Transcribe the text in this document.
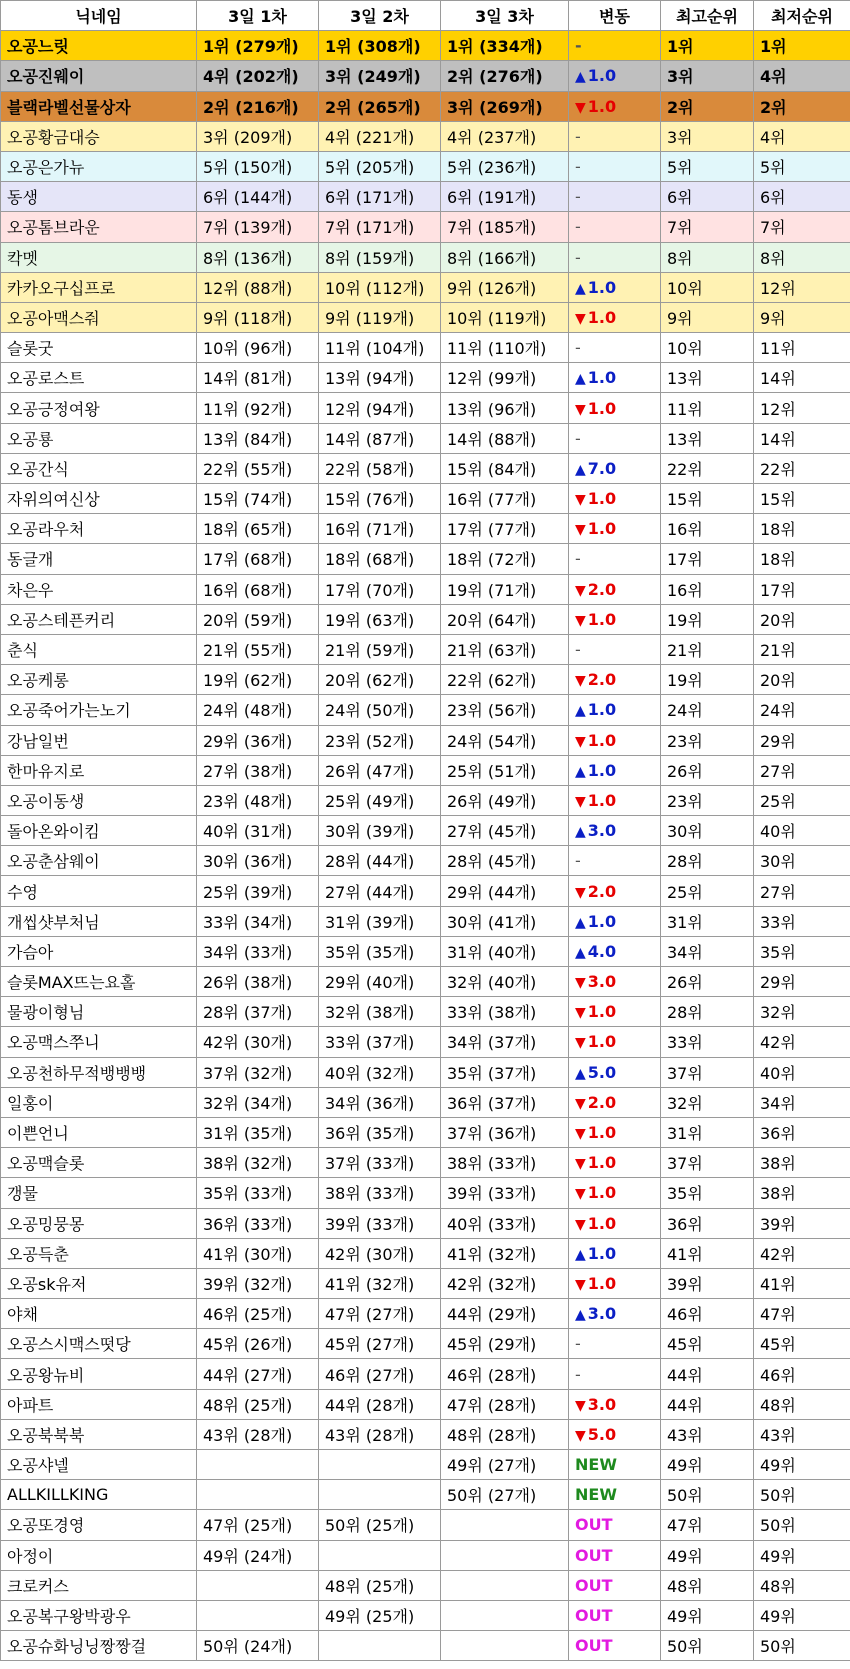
닉네임	3일 1차	3일 2차	3일 3차	변동	최고순위	최저순위
오공느릿	1위 (279개)	1위 (308개)	1위 (334개)	-	1위	1위
오공진웨이	4위 (202개)	3위 (249개)	2위 (276개)	▲ 1.0	3위	4위
블랙라벨선물상자	2위 (216개)	2위 (265개)	3위 (269개)	▼ 1.0	2위	2위
오공황금대승	3위 (209개)	4위 (221개)	4위 (237개)	-	3위	4위
오공은가뉴	5위 (150개)	5위 (205개)	5위 (236개)	-	5위	5위
동생	6위 (144개)	6위 (171개)	6위 (191개)	-	6위	6위
오공톰브라운	7위 (139개)	7위 (171개)	7위 (185개)	-	7위	7위
칵멧	8위 (136개)	8위 (159개)	8위 (166개)	-	8위	8위
카카오구십프로	12위 (88개)	10위 (112개)	9위 (126개)	▲ 1.0	10위	12위
오공아맥스줘	9위 (118개)	9위 (119개)	10위 (119개)	▼ 1.0	9위	9위
슬롯굿	10위 (96개)	11위 (104개)	11위 (110개)	-	10위	11위
오공로스트	14위 (81개)	13위 (94개)	12위 (99개)	▲ 1.0	13위	14위
오공긍정여왕	11위 (92개)	12위 (94개)	13위 (96개)	▼ 1.0	11위	12위
오공룡	13위 (84개)	14위 (87개)	14위 (88개)	-	13위	14위
오공간식	22위 (55개)	22위 (58개)	15위 (84개)	▲ 7.0	22위	22위
자위의여신상	15위 (74개)	15위 (76개)	16위 (77개)	▼ 1.0	15위	15위
오공라우처	18위 (65개)	16위 (71개)	17위 (77개)	▼ 1.0	16위	18위
동글개	17위 (68개)	18위 (68개)	18위 (72개)	-	17위	18위
차은우	16위 (68개)	17위 (70개)	19위 (71개)	▼ 2.0	16위	17위
오공스테픈커리	20위 (59개)	19위 (63개)	20위 (64개)	▼ 1.0	19위	20위
춘식	21위 (55개)	21위 (59개)	21위 (63개)	-	21위	21위
오공케롱	19위 (62개)	20위 (62개)	22위 (62개)	▼ 2.0	19위	20위
오공죽어가는노기	24위 (48개)	24위 (50개)	23위 (56개)	▲ 1.0	24위	24위
강남일번	29위 (36개)	23위 (52개)	24위 (54개)	▼ 1.0	23위	29위
한마유지로	27위 (38개)	26위 (47개)	25위 (51개)	▲ 1.0	26위	27위
오공이동생	23위 (48개)	25위 (49개)	26위 (49개)	▼ 1.0	23위	25위
돌아온와이킴	40위 (31개)	30위 (39개)	27위 (45개)	▲ 3.0	30위	40위
오공춘삼웨이	30위 (36개)	28위 (44개)	28위 (45개)	-	28위	30위
수영	25위 (39개)	27위 (44개)	29위 (44개)	▼ 2.0	25위	27위
개씹샷부처님	33위 (34개)	31위 (39개)	30위 (41개)	▲ 1.0	31위	33위
가슴아	34위 (33개)	35위 (35개)	31위 (40개)	▲ 4.0	34위	35위
슬롯MAX뜨는요홀	26위 (38개)	29위 (40개)	32위 (40개)	▼ 3.0	26위	29위
물광이형님	28위 (37개)	32위 (38개)	33위 (38개)	▼ 1.0	28위	32위
오공맥스쭈니	42위 (30개)	33위 (37개)	34위 (37개)	▼ 1.0	33위	42위
오공천하무적뱅뱅뱅	37위 (32개)	40위 (32개)	35위 (37개)	▲ 5.0	37위	40위
일홍이	32위 (34개)	34위 (36개)	36위 (37개)	▼ 2.0	32위	34위
이쁜언니	31위 (35개)	36위 (35개)	37위 (36개)	▼ 1.0	31위	36위
오공맥슬롯	38위 (32개)	37위 (33개)	38위 (33개)	▼ 1.0	37위	38위
갱물	35위 (33개)	38위 (33개)	39위 (33개)	▼ 1.0	35위	38위
오공밍뭉몽	36위 (33개)	39위 (33개)	40위 (33개)	▼ 1.0	36위	39위
오공득춘	41위 (30개)	42위 (30개)	41위 (32개)	▲ 1.0	41위	42위
오공sk유저	39위 (32개)	41위 (32개)	42위 (32개)	▼ 1.0	39위	41위
야채	46위 (25개)	47위 (27개)	44위 (29개)	▲ 3.0	46위	47위
오공스시맥스떳당	45위 (26개)	45위 (27개)	45위 (29개)	-	45위	45위
오공왕뉴비	44위 (27개)	46위 (27개)	46위 (28개)	-	44위	46위
아파트	48위 (25개)	44위 (28개)	47위 (28개)	▼ 3.0	44위	48위
오공북북북	43위 (28개)	43위 (28개)	48위 (28개)	▼ 5.0	43위	43위
오공샤넬			49위 (27개)	NEW	49위	49위
ALLKILLKING			50위 (27개)	NEW	50위	50위
오공또경영	47위 (25개)	50위 (25개)		OUT	47위	50위
아정이	49위 (24개)			OUT	49위	49위
크로커스		48위 (25개)		OUT	48위	48위
오공복구왕박광우		49위 (25개)		OUT	49위	49위
오공슈화닝닝짱짱걸	50위 (24개)			OUT	50위	50위
